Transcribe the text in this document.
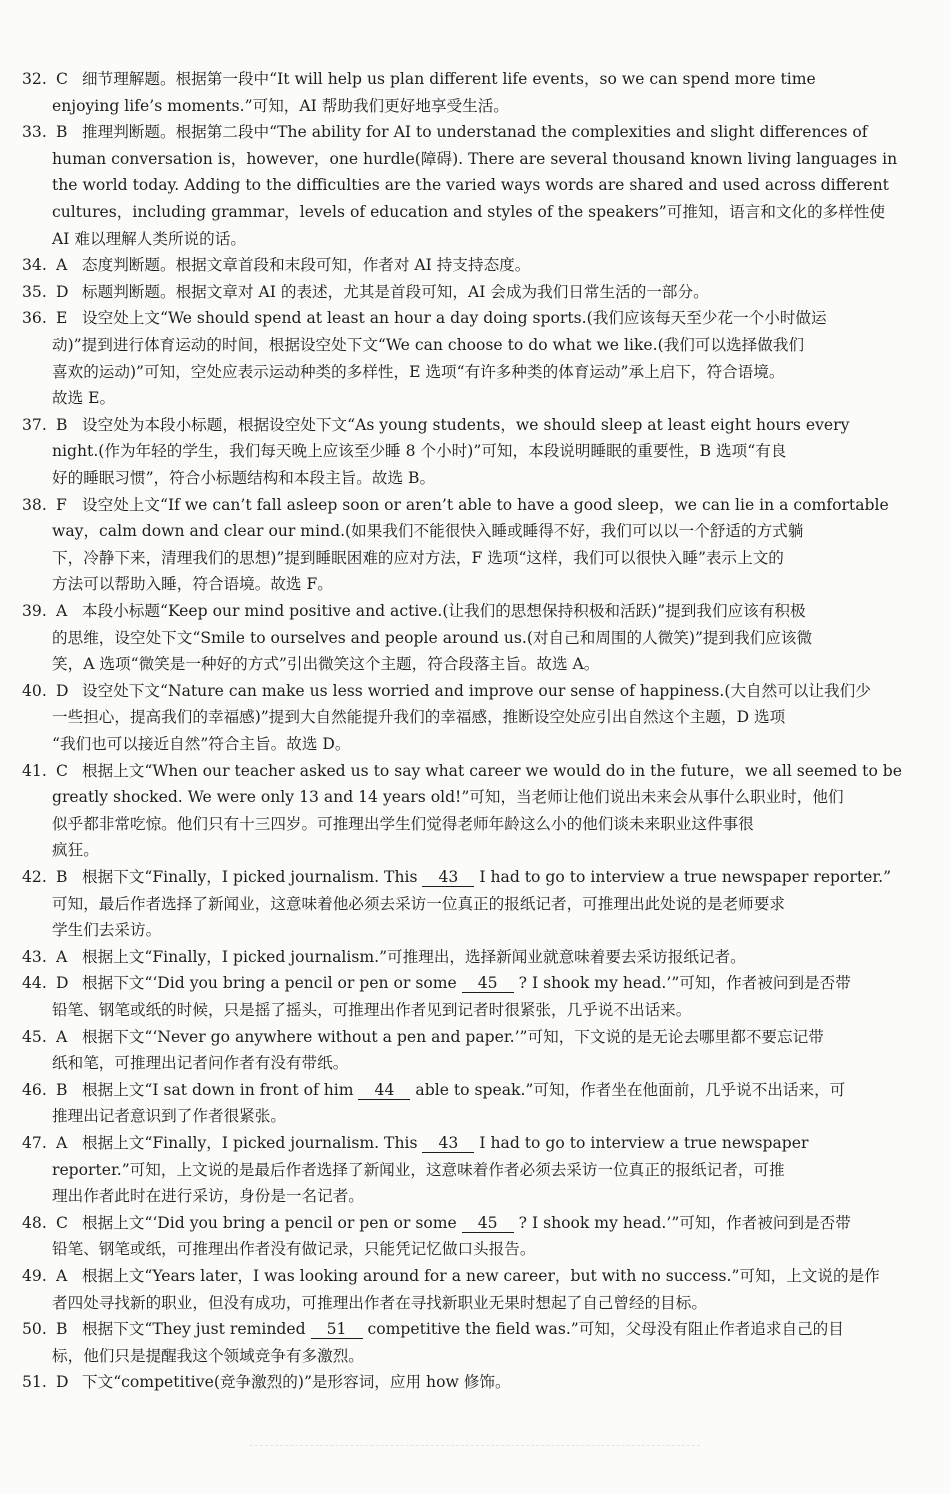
32. C 细节理解题。根据第一段中“It will help us plan different life events，so we can spend more time
enjoying life’s moments.”可知，AI 帮助我们更好地享受生活。
33. B 推理判断题。根据第二段中“The ability for AI to understanad the complexities and slight differences of
human conversation is，however，one hurdle(障碍). There are several thousand known living languages in
the world today. Adding to the difficulties are the varied ways words are shared and used across different
cultures，including grammar，levels of education and styles of the speakers”可推知，语言和文化的多样性使
AI 难以理解人类所说的话。
34. A 态度判断题。根据文章首段和末段可知，作者对 AI 持支持态度。
35. D 标题判断题。根据文章对 AI 的表述，尤其是首段可知，AI 会成为我们日常生活的一部分。
36. E 设空处上文“We should spend at least an hour a day doing sports.(我们应该每天至少花一个小时做运
动)”提到进行体育运动的时间，根据设空处下文“We can choose to do what we like.(我们可以选择做我们
喜欢的运动)”可知，空处应表示运动种类的多样性，E 选项“有许多种类的体育运动”承上启下，符合语境。
故选 E。
37. B 设空处为本段小标题，根据设空处下文“As young students，we should sleep at least eight hours every
night.(作为年轻的学生，我们每天晚上应该至少睡 8 个小时)”可知，本段说明睡眠的重要性，B 选项“有良
好的睡眠习惯”，符合小标题结构和本段主旨。故选 B。
38. F 设空处上文“If we can’t fall asleep soon or aren’t able to have a good sleep，we can lie in a comfortable
way，calm down and clear our mind.(如果我们不能很快入睡或睡得不好，我们可以以一个舒适的方式躺
下，冷静下来，清理我们的思想)”提到睡眠困难的应对方法，F 选项“这样，我们可以很快入睡”表示上文的
方法可以帮助入睡，符合语境。故选 F。
39. A 本段小标题“Keep our mind positive and active.(让我们的思想保持积极和活跃)”提到我们应该有积极
的思维，设空处下文“Smile to ourselves and people around us.(对自己和周围的人微笑)”提到我们应该微
笑，A 选项“微笑是一种好的方式”引出微笑这个主题，符合段落主旨。故选 A。
40. D 设空处下文“Nature can make us less worried and improve our sense of happiness.(大自然可以让我们少
一些担心，提高我们的幸福感)”提到大自然能提升我们的幸福感，推断设空处应引出自然这个主题，D 选项
“我们也可以接近自然”符合主旨。故选 D。
41. C 根据上文“When our teacher asked us to say what career we would do in the future，we all seemed to be
greatly shocked. We were only 13 and 14 years old!”可知，当老师让他们说出未来会从事什么职业时，他们
似乎都非常吃惊。他们只有十三四岁。可推理出学生们觉得老师年龄这么小的他们谈未来职业这件事很
疯狂。
42. B 根据下文“Finally，I picked journalism. This 43 I had to go to interview a true newspaper reporter.”
可知，最后作者选择了新闻业，这意味着他必须去采访一位真正的报纸记者，可推理出此处说的是老师要求
学生们去采访。
43. A 根据上文“Finally，I picked journalism.”可推理出，选择新闻业就意味着要去采访报纸记者。
44. D 根据下文“‘Did you bring a pencil or pen or some 45 ? I shook my head.’”可知，作者被问到是否带
铅笔、钢笔或纸的时候，只是摇了摇头，可推理出作者见到记者时很紧张，几乎说不出话来。
45. A 根据下文“‘Never go anywhere without a pen and paper.’”可知，下文说的是无论去哪里都不要忘记带
纸和笔，可推理出记者问作者有没有带纸。
46. B 根据上文“I sat down in front of him 44 able to speak.”可知，作者坐在他面前，几乎说不出话来，可
推理出记者意识到了作者很紧张。
47. A 根据上文“Finally，I picked journalism. This 43 I had to go to interview a true newspaper
reporter.”可知，上文说的是最后作者选择了新闻业，这意味着作者必须去采访一位真正的报纸记者，可推
理出作者此时在进行采访，身份是一名记者。
48. C 根据上文“‘Did you bring a pencil or pen or some 45 ? I shook my head.’”可知，作者被问到是否带
铅笔、钢笔或纸，可推理出作者没有做记录，只能凭记忆做口头报告。
49. A 根据上文“Years later，I was looking around for a new career，but with no success.”可知，上文说的是作
者四处寻找新的职业，但没有成功，可推理出作者在寻找新职业无果时想起了自己曾经的目标。
50. B 根据下文“They just reminded 51 competitive the field was.”可知，父母没有阻止作者追求自己的目
标，他们只是提醒我这个领域竞争有多激烈。
51. D 下文“competitive(竞争激烈的)”是形容词，应用 how 修饰。
